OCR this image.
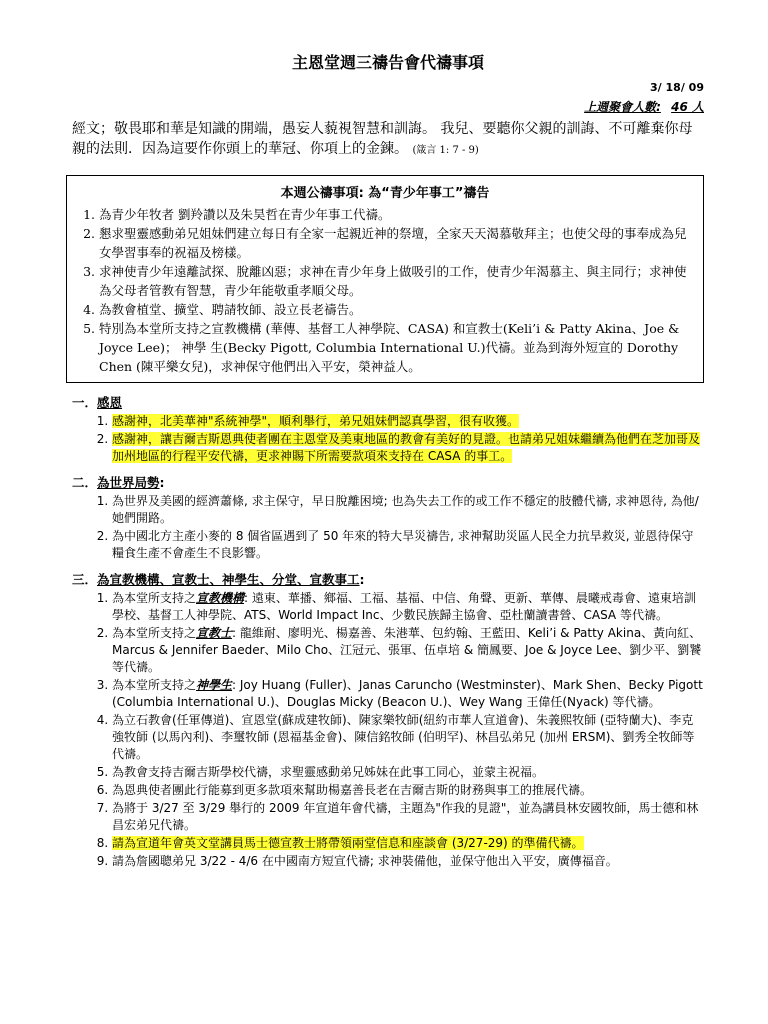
主恩堂週三禱告會代禱事項
3/ 18/ 09
上週聚會人數: 46 人
經文；敬畏耶和華是知識的開端，愚妄人藐視智慧和訓誨。 我兒、要聽你父親的訓誨、不可離棄你母親的法則．因為這要作你頭上的華冠、你項上的金鍊。 (箴言 1: 7 - 9)
本週公禱事項: 為“青少年事工”禱告
1. 為青少年牧者 劉羚讚以及朱昊哲在青少年事工代禱。
2. 懇求聖靈感動弟兄姐妹們建立每日有全家一起親近神的祭壇，全家天天渴慕敬拜主；也使父母的事奉成為兒女學習事奉的祝福及榜樣。
3. 求神使青少年遠離試探、脫離凶惡；求神在青少年身上做吸引的工作，使青少年渴慕主、與主同行；求神使為父母者管教有智慧，青少年能敬重孝順父母。
4. 為教會植堂、擴堂、聘請牧師、設立長老禱告。
5. 特別為本堂所支持之宣教機構 (華傳、基督工人神學院、CASA) 和宣教士(Keli’i & Patty Akina、Joe & Joyce Lee)； 神學 生(Becky Pigott, Columbia International U.)代禱。並為到海外短宣的 Dorothy Chen (陳平樂女兒)，求神保守他們出入平安，榮神益人。
一．感恩
1. 感謝神，北美華神"系統神學"，順利舉行，弟兄姐妹們認真學習，很有收獲。
2. 感謝神，讓吉爾吉斯恩典使者團在主恩堂及美東地區的教會有美好的見證。也請弟兄姐妹繼續為他們在芝加哥及加州地區的行程平安代禱，更求神賜下所需要款項來支持在 CASA 的事工。
二．為世界局勢:
1. 為世界及美國的經濟蕭條, 求主保守，早日脫離困境; 也為失去工作的或工作不穩定的肢體代禱, 求神恩待, 為他/她們開路。
2. 為中國北方主產小麥的 8 個省區遇到了 50 年來的特大旱災禱告, 求神幫助災區人民全力抗旱救災, 並恩待保守糧食生產不會產生不良影響。
三．為宣教機構、宣教士、神學生、分堂、宣教事工:
1. 為本堂所支持之宣教機構: 遠東、華播、鄉福、工福、基福、中信、角聲、更新、華傳、晨曦戒毒會、遠東培訓學校、基督工人神學院、ATS、World Impact Inc、少數民族歸主協會、亞杜蘭讀書營、CASA 等代禱。
2. 為本堂所支持之宣教士: 龍維耐、廖明光、楊嘉善、朱港華、包約翰、王藍田、Keli’i & Patty Akina、黃向紅、Marcus & Jennifer Baeder、Milo Cho、江冠元、張軍、伍卓培 & 簡鳳要、Joe & Joyce Lee、劉少平、劉饕等代禱。
3. 為本堂所支持之神學生: Joy Huang (Fuller)、Janas Caruncho (Westminster)、Mark Shen、Becky Pigott (Columbia International U.)、Douglas Micky (Beacon U.)、Wey Wang 王偉任(Nyack) 等代禱。
4. 為立石教會(任軍傳道)、宣恩堂(蘇成建牧師)、陳家樂牧師(紐約市華人宣道會)、朱義熙牧師 (亞特蘭大)、李克強牧師 (以馬內利)、李璽牧師 (恩福基金會)、陳信銘牧師 (伯明罕)、林昌弘弟兄 (加州 ERSM)、劉秀全牧師等代禱。
5. 為教會支持吉爾吉斯學校代禱，求聖靈感動弟兄姊妹在此事工同心，並蒙主祝福。
6. 為恩典使者團此行能募到更多款項來幫助楊嘉善長老在吉爾吉斯的財務與事工的推展代禱。
7. 為將于 3/27 至 3/29 舉行的 2009 年宣道年會代禱，主題為"作我的見證"，並為講員林安國牧師，馬士德和林昌宏弟兄代禱。
8. 請為宣道年會英文堂講員馬士德宣教士將帶領兩堂信息和座談會 (3/27-29) 的準備代禱。
9. 請為詹國聰弟兄 3/22 - 4/6 在中國南方短宣代禱; 求神裝備他，並保守他出入平安，廣傳福音。
